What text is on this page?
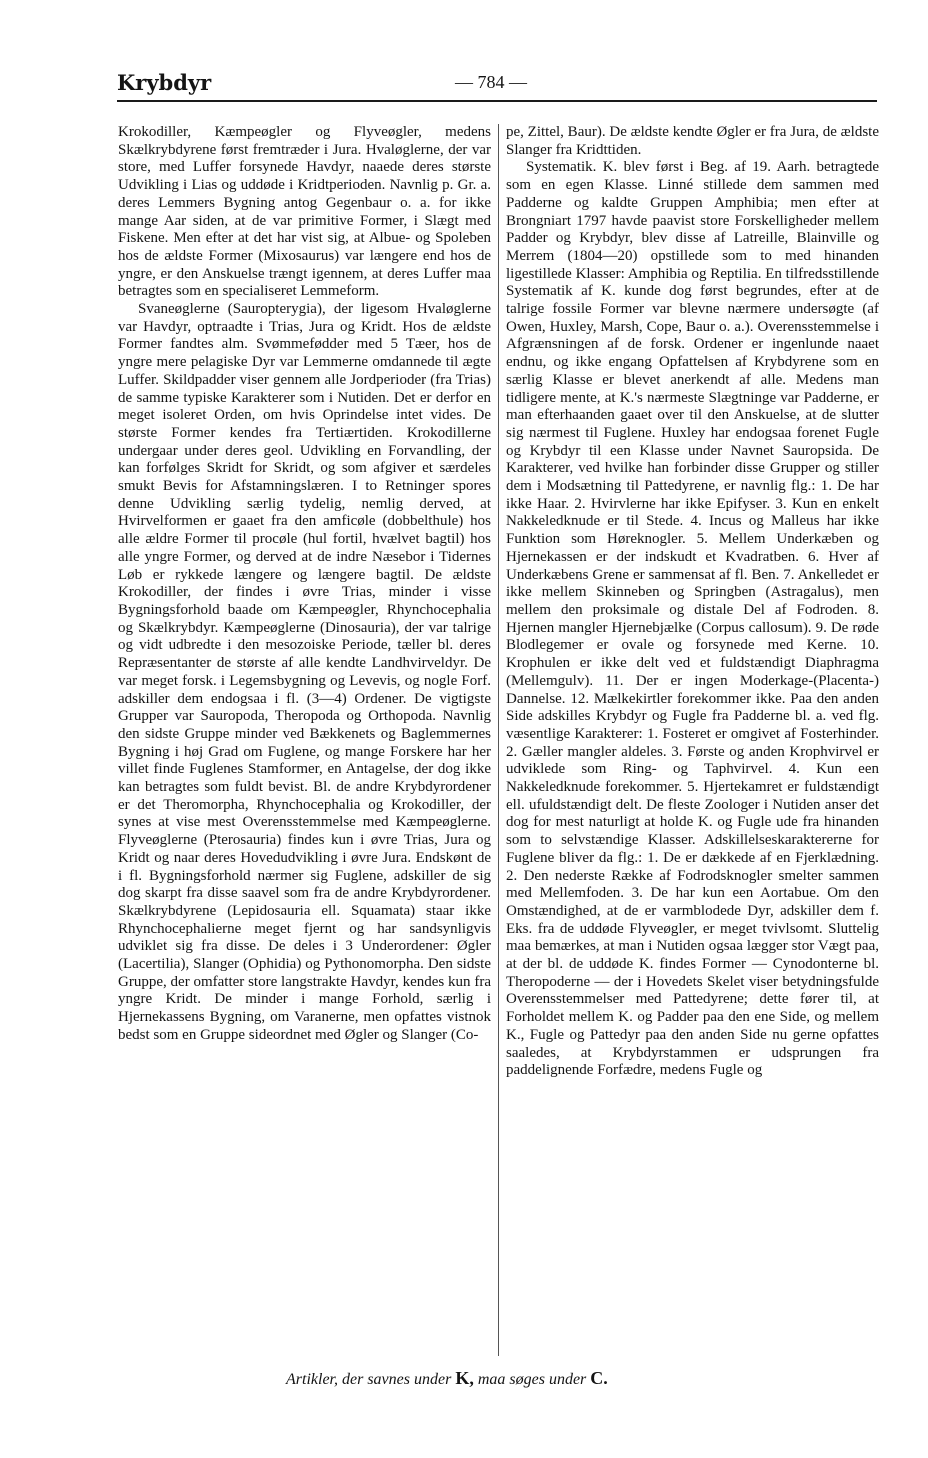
Krybdyr	— 784 —

Krokodiller, Kæmpeøgler og Flyveøgler, medens Skælkrybdyrene først fremtræder i Jura. Hvaløglerne, der var store, med Luffer forsynede Havdyr, naaede deres største Udvikling i Lias og uddøde i Kridtperioden. Navnlig p. Gr. a. deres Lemmers Bygning antog Gegenbaur o. a. for ikke mange Aar siden, at de var primitive Former, i Slægt med Fiskene. Men efter at det har vist sig, at Albue- og Spoleben hos de ældste Former (Mixosaurus) var længere end hos de yngre, er den Anskuelse trængt igennem, at deres Luffer maa betragtes som en specialiseret Lemmeform.

Svaneøglerne (Sauropterygia), der ligesom Hvaløglerne var Havdyr, optraadte i Trias, Jura og Kridt. Hos de ældste Former fandtes alm. Svømmefødder med 5 Tæer, hos de yngre mere pelagiske Dyr var Lemmerne omdannede til ægte Luffer. Skildpadder viser gennem alle Jordperioder (fra Trias) de samme typiske Karakterer som i Nutiden. Det er derfor en meget isoleret Orden, om hvis Oprindelse intet vides. De største Former kendes fra Tertiærtiden. Krokodillerne undergaar under deres geol. Udvikling en Forvandling, der kan forfølges Skridt for Skridt, og som afgiver et særdeles smukt Bevis for Afstamningslæren. I to Retninger spores denne Udvikling særlig tydelig, nemlig derved, at Hvirvelformen er gaaet fra den amficøle (dobbelthule) hos alle ældre Former til procøle (hul fortil, hvælvet bagtil) hos alle yngre Former, og derved at de indre Næsebor i Tidernes Løb er rykkede længere og længere bagtil. De ældste Krokodiller, der findes i øvre Trias, minder i visse Bygningsforhold baade om Kæmpeøgler, Rhynchocephalia og Skælkrybdyr. Kæmpeøglerne (Dinosauria), der var talrige og vidt udbredte i den mesozoiske Periode, tæller bl. deres Repræsentanter de største af alle kendte Landhvirveldyr. De var meget forsk. i Legemsbygning og Levevis, og nogle Forf. adskiller dem endogsaa i fl. (3—4) Ordener. De vigtigste Grupper var Sauropoda, Theropoda og Orthopoda. Navnlig den sidste Gruppe minder ved Bækkenets og Baglemmernes Bygning i høj Grad om Fuglene, og mange Forskere har her villet finde Fuglenes Stamformer, en Antagelse, der dog ikke kan betragtes som fuldt bevist. Bl. de andre Krybdyrordener er det Theromorpha, Rhynchocephalia og Krokodiller, der synes at vise mest Overensstemmelse med Kæmpeøglerne. Flyveøglerne (Pterosauria) findes kun i øvre Trias, Jura og Kridt og naar deres Hovedudvikling i øvre Jura. Endskønt de i fl. Bygningsforhold nærmer sig Fuglene, adskiller de sig dog skarpt fra disse saavel som fra de andre Krybdyrordener. Skælkrybdyrene (Lepidosauria ell. Squamata) staar ikke Rhynchocephalierne meget fjernt og har sandsynligvis udviklet sig fra disse. De deles i 3 Underordener: Øgler (Lacertilia), Slanger (Ophidia) og Pythonomorpha. Den sidste Gruppe, der omfatter store langstrakte Havdyr, kendes kun fra yngre Kridt. De minder i mange Forhold, særlig i Hjernekassens Bygning, om Varanerne, men opfattes vistnok bedst som en Gruppe sideordnet med Øgler og Slanger (Co-

pe, Zittel, Baur). De ældste kendte Øgler er fra Jura, de ældste Slanger fra Kridttiden.

Systematik. K. blev først i Beg. af 19. Aarh. betragtede som en egen Klasse. Linné stillede dem sammen med Padderne og kaldte Gruppen Amphibia; men efter at Brongniart 1797 havde paavist store Forskelligheder mellem Padder og Krybdyr, blev disse af Latreille, Blainville og Merrem (1804—20) opstillede som to med hinanden ligestillede Klasser: Amphibia og Reptilia. En tilfredsstillende Systematik af K. kunde dog først begrundes, efter at de talrige fossile Former var blevne nærmere undersøgte (af Owen, Huxley, Marsh, Cope, Baur o. a.). Overensstemmelse i Afgrænsningen af de forsk. Ordener er ingenlunde naaet endnu, og ikke engang Opfattelsen af Krybdyrene som en særlig Klasse er blevet anerkendt af alle. Medens man tidligere mente, at K.'s nærmeste Slægtninge var Padderne, er man efterhaanden gaaet over til den Anskuelse, at de slutter sig nærmest til Fuglene. Huxley har endogsaa forenet Fugle og Krybdyr til een Klasse under Navnet Sauropsida. De Karakterer, ved hvilke han forbinder disse Grupper og stiller dem i Modsætning til Pattedyrene, er navnlig flg.: 1. De har ikke Haar. 2. Hvirvlerne har ikke Epifyser. 3. Kun en enkelt Nakkeledknude er til Stede. 4. Incus og Malleus har ikke Funktion som Høreknogler. 5. Mellem Underkæben og Hjernekassen er der indskudt et Kvadratben. 6. Hver af Underkæbens Grene er sammensat af fl. Ben. 7. Ankelledet er ikke mellem Skinneben og Springben (Astragalus), men mellem den proksimale og distale Del af Fodroden. 8. Hjernen mangler Hjernebjælke (Corpus callosum). 9. De røde Blodlegemer er ovale og forsynede med Kerne. 10. Krophulen er ikke delt ved et fuldstændigt Diaphragma (Mellemgulv). 11. Der er ingen Moderkage-(Placenta-) Dannelse. 12. Mælkekirtler forekommer ikke. Paa den anden Side adskilles Krybdyr og Fugle fra Padderne bl. a. ved flg. væsentlige Karakterer: 1. Fosteret er omgivet af Fosterhinder. 2. Gæller mangler aldeles. 3. Første og anden Krophvirvel er udviklede som Ring- og Taphvirvel. 4. Kun een Nakkeledknude forekommer. 5. Hjertekamret er fuldstændigt ell. ufuldstændigt delt. De fleste Zoologer i Nutiden anser det dog for mest naturligt at holde K. og Fugle ude fra hinanden som to selvstændige Klasser. Adskillelseskaraktererne for Fuglene bliver da flg.: 1. De er dækkede af en Fjerklædning. 2. Den nederste Række af Fodrodsknogler smelter sammen med Mellemfoden. 3. De har kun een Aortabue. Om den Omstændighed, at de er varmblodede Dyr, adskiller dem f. Eks. fra de uddøde Flyveøgler, er meget tvivlsomt. Sluttelig maa bemærkes, at man i Nutiden ogsaa lægger stor Vægt paa, at der bl. de uddøde K. findes Former — Cynodonterne bl. Theropoderne — der i Hovedets Skelet viser betydningsfulde Overensstemmelser med Pattedyrene; dette fører til, at Forholdet mellem K. og Padder paa den ene Side, og mellem K., Fugle og Pattedyr paa den anden Side nu gerne opfattes saaledes, at Krybdyrstammen er udsprungen fra paddelignende Forfædre, medens Fugle og

Artikler, der savnes under K, maa søges under C.
